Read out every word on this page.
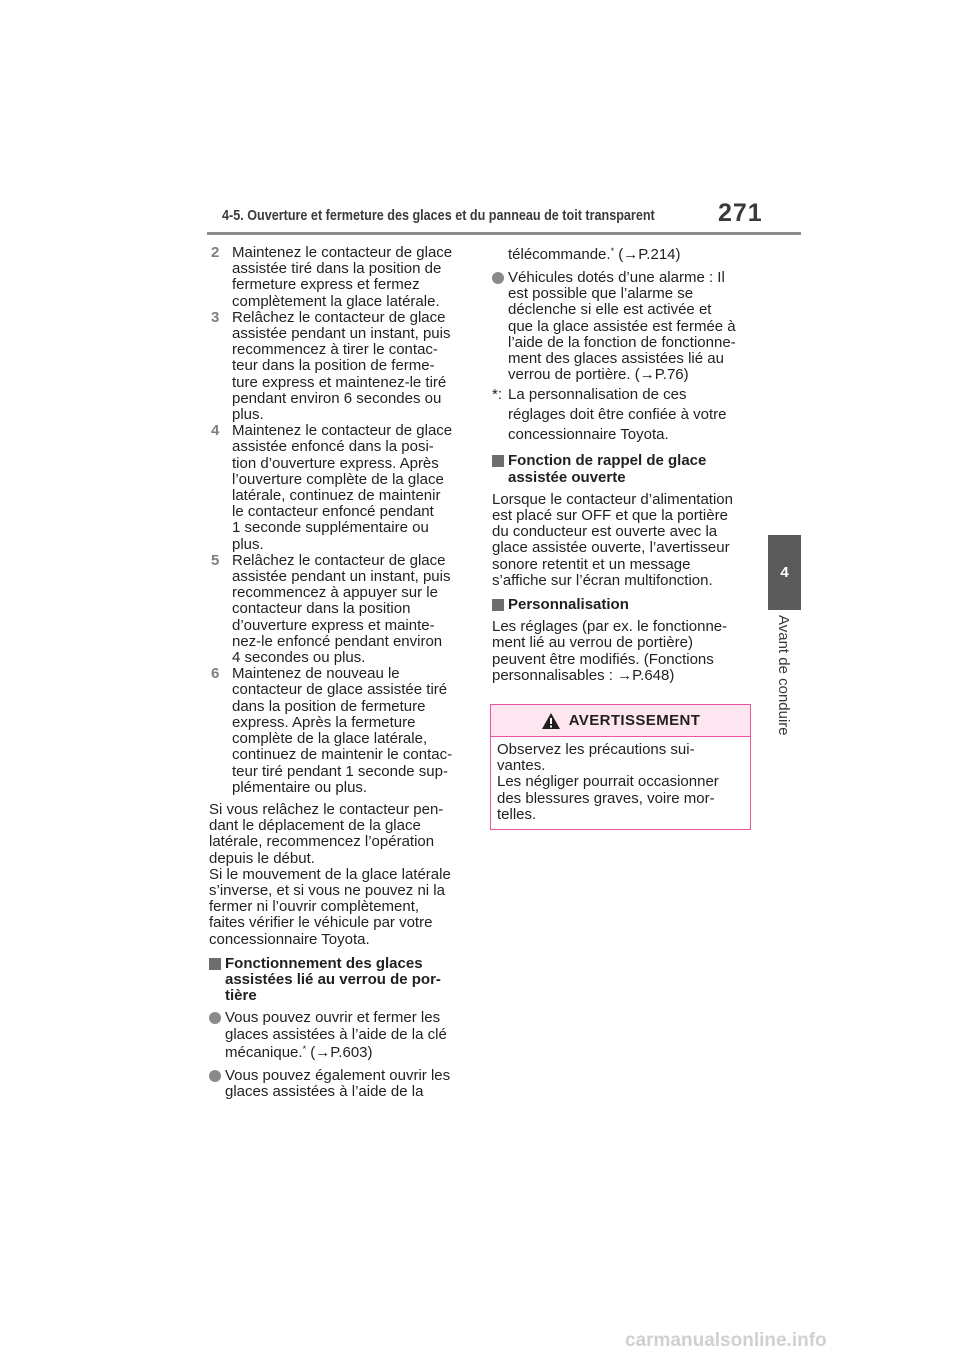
4-5. Ouverture et fermeture des glaces et du panneau de toit transparent	271
4
Avant de conduire
2 Maintenez le contacteur de glace
assistée tiré dans la position de
fermeture express et fermez
complètement la glace latérale.
3 Relâchez le contacteur de glace
assistée pendant un instant, puis
recommencez à tirer le contac-
teur dans la position de ferme-
ture express et maintenez-le tiré
pendant environ 6 secondes ou
plus.
4 Maintenez le contacteur de glace
assistée enfoncé dans la posi-
tion d’ouverture express. Après
l’ouverture complète de la glace
latérale, continuez de maintenir
le contacteur enfoncé pendant
1 seconde supplémentaire ou
plus.
5 Relâchez le contacteur de glace
assistée pendant un instant, puis
recommencez à appuyer sur le
contacteur dans la position
d’ouverture express et mainte-
nez-le enfoncé pendant environ
4 secondes ou plus.
6 Maintenez de nouveau le
contacteur de glace assistée tiré
dans la position de fermeture
express. Après la fermeture
complète de la glace latérale,
continuez de maintenir le contac-
teur tiré pendant 1 seconde sup-
plémentaire ou plus.
Si vous relâchez le contacteur pen-
dant le déplacement de la glace
latérale, recommencez l’opération
depuis le début.
Si le mouvement de la glace latérale
s’inverse, et si vous ne pouvez ni la
fermer ni l’ouvrir complètement,
faites vérifier le véhicule par votre
concessionnaire Toyota.
Fonctionnement des glaces
assistées lié au verrou de por-
tière
Vous pouvez ouvrir et fermer les
glaces assistées à l’aide de la clé
mécanique.* (→P.603)
Vous pouvez également ouvrir les
glaces assistées à l’aide de la
télécommande.* (→P.214)
Véhicules dotés d’une alarme : Il
est possible que l’alarme se
déclenche si elle est activée et
que la glace assistée est fermée à
l’aide de la fonction de fonctionne-
ment des glaces assistées lié au
verrou de portière. (→P.76)
*: La personnalisation de ces
réglages doit être confiée à votre
concessionnaire Toyota.
Fonction de rappel de glace
assistée ouverte
Lorsque le contacteur d’alimentation
est placé sur OFF et que la portière
du conducteur est ouverte avec la
glace assistée ouverte, l’avertisseur
sonore retentit et un message
s’affiche sur l’écran multifonction.
Personnalisation
Les réglages (par ex. le fonctionne-
ment lié au verrou de portière)
peuvent être modifiés. (Fonctions
personnalisables : →P.648)
AVERTISSEMENT
Observez les précautions sui-
vantes.
Les négliger pourrait occasionner
des blessures graves, voire mor-
telles.
carmanualsonline.info
